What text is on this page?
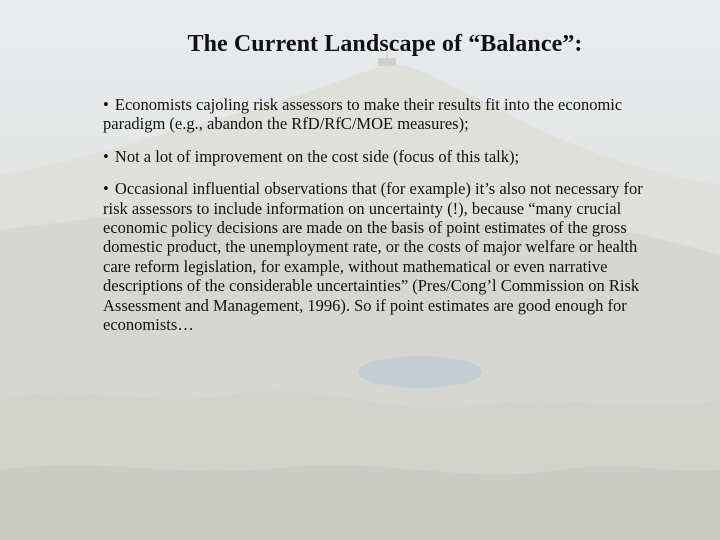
The Current Landscape of “Balance”:

• Economists cajoling risk assessors to make their results fit into the economic paradigm (e.g., abandon the RfD/RfC/MOE measures);

• Not a lot of improvement on the cost side (focus of this talk);

• Occasional influential observations that (for example) it’s also not necessary for risk assessors to include information on uncertainty (!), because “many crucial economic policy decisions are made on the basis of point estimates of the gross domestic product, the unemployment rate, or the costs of major welfare or health care reform legislation, for example, without mathematical or even narrative descriptions of the considerable uncertainties” (Pres/Cong’l Commission on Risk Assessment and Management, 1996). So if point estimates are good enough for economists…
